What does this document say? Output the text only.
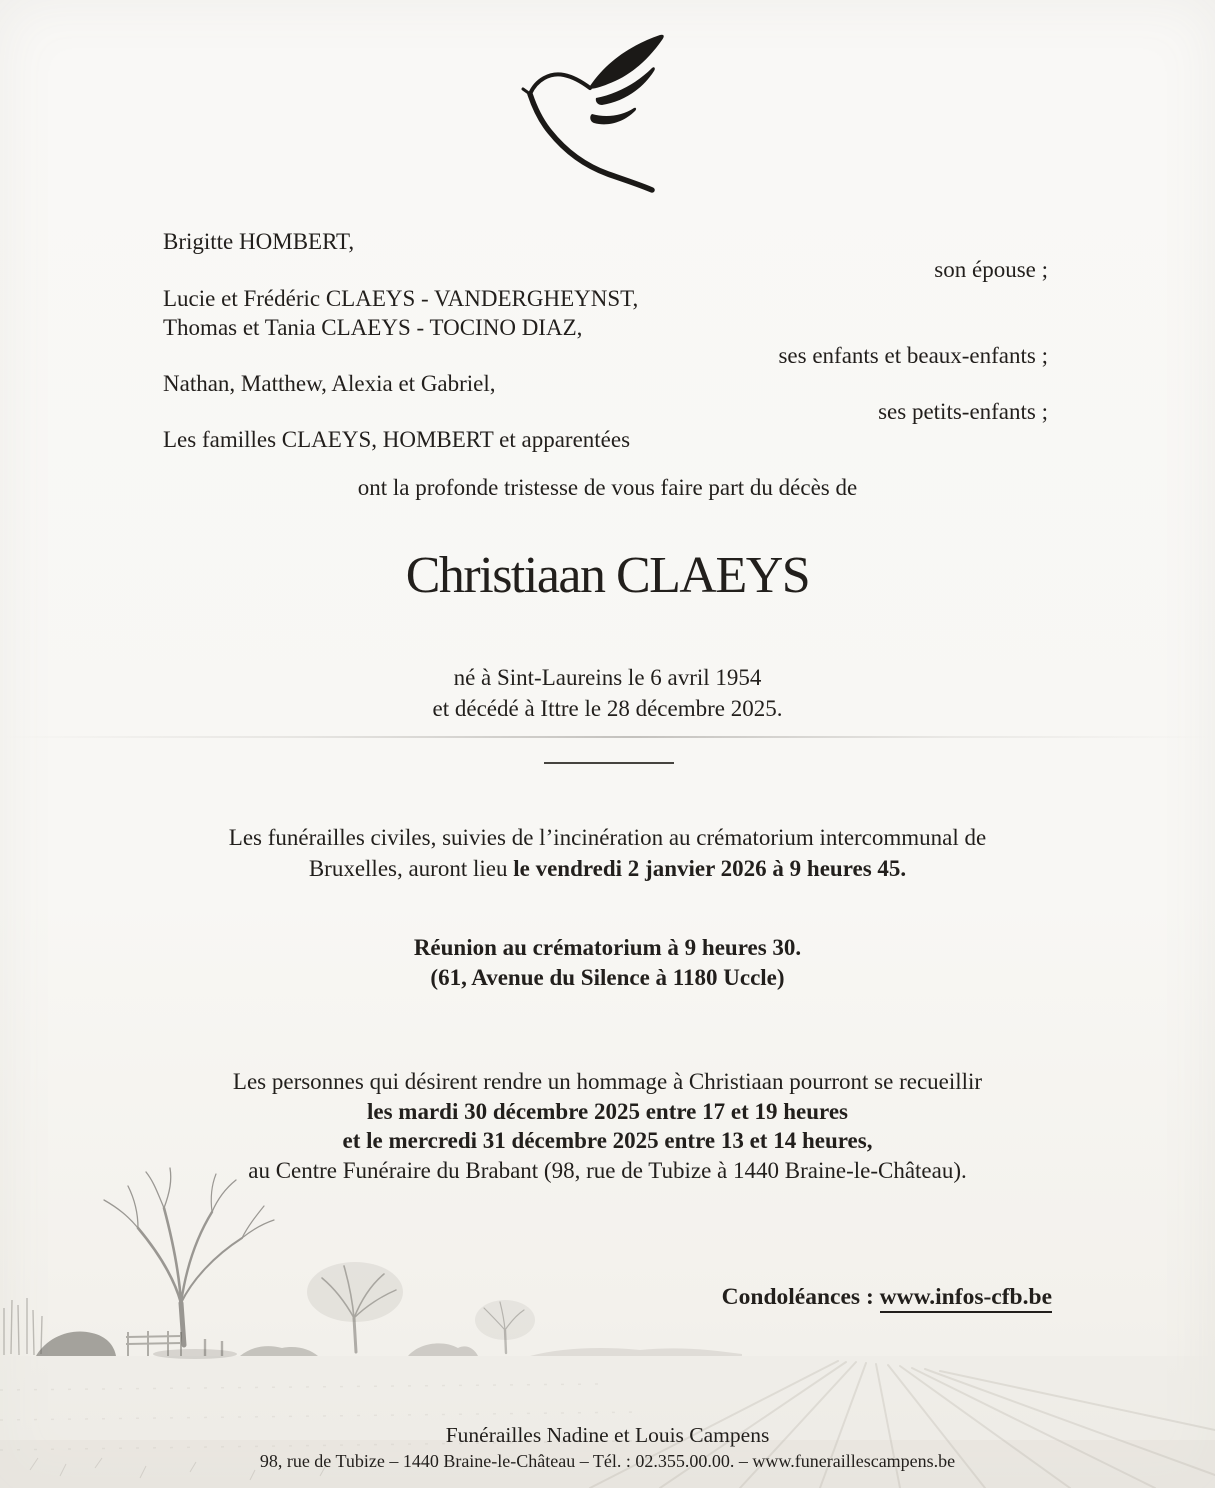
Brigitte HOMBERT,
son épouse ;
Lucie et Frédéric CLAEYS - VANDERGHEYNST,
Thomas et Tania CLAEYS - TOCINO DIAZ,
ses enfants et beaux-enfants ;
Nathan, Matthew, Alexia et Gabriel,
ses petits-enfants ;
Les familles CLAEYS, HOMBERT et apparentées
ont la profonde tristesse de vous faire part du décès de
Christiaan CLAEYS
né à Sint-Laureins le 6 avril 1954
et décédé à Ittre le 28 décembre 2025.
Les funérailles civiles, suivies de l’incinération au crématorium intercommunal de
Bruxelles, auront lieu le vendredi 2 janvier 2026 à 9 heures 45.
Réunion au crématorium à 9 heures 30.
(61, Avenue du Silence à 1180 Uccle)
Les personnes qui désirent rendre un hommage à Christiaan pourront se recueillir
les mardi 30 décembre 2025 entre 17 et 19 heures
et le mercredi 31 décembre 2025 entre 13 et 14 heures,
au Centre Funéraire du Brabant (98, rue de Tubize à 1440 Braine-le-Château).
Condoléances : www.infos-cfb.be
Funérailles Nadine et Louis Campens
98, rue de Tubize – 1440 Braine-le-Château – Tél. : 02.355.00.00. – www.funeraillescampens.be
